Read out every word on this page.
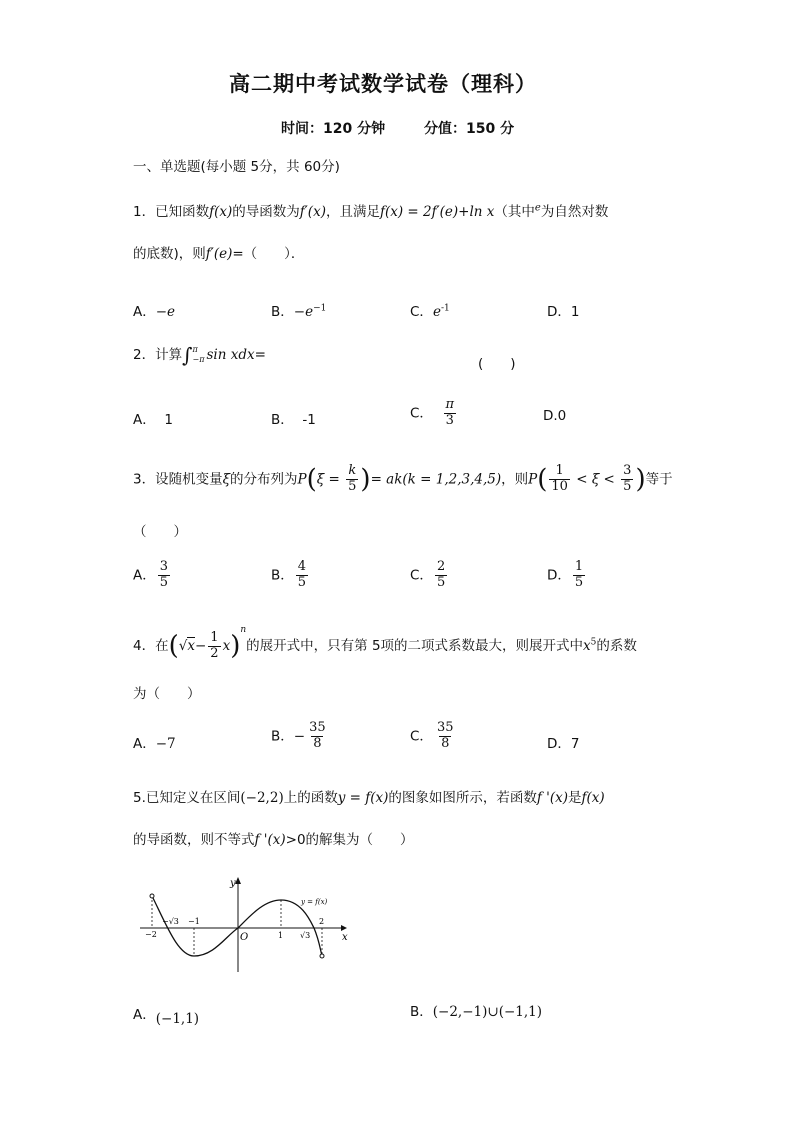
高二期中考试数学试卷（理科）
时间：120 分钟	分值：150 分
一、单选题(每小题 5分，共 60分)
1．已知函数f(x)的导函数为f′(x)，且满足f(x) = 2f′(e)+ln x（其中$^e$为自然对数
的底数)，则f′(e)=（　　）．
A．−e	B．$-e^{-1}$	C．$e^{-1}$	D．1
2．计算∫ π
−π sin xdx=
(　　)
A． 1	B． -1	C． $\frac{\pi}{3}$	D.0
3．设随机变量ξ的分布列为$P(\xi = \frac{k}{5}$ )= ak(k = 1,2,3,4,5)，则$P( \frac{1}{10} < \xi < \frac{3}{5}$ )等于
（　　）
A． $\frac{3}{5}$	B． $\frac{4}{5}$	C． $\frac{2}{5}$	D． $\frac{1}{5}$
4．在$(√x- \frac{1}{2} x)^n$的展开式中，只有第 5项的二项式系数最大，则展开式中$x^5$的系数
为（　　）
A．−7	B．− $\frac{35}{8}$	C． $\frac{35}{8}$	D．7
5.已知定义在区间(−2,2)上的函数y = f(x)的图象如图所示，若函数f '(x)是f(x)
的导函数，则不等式f '(x)>0的解集为（　　）
y
x
O
y = f(x)
−2
−√3 −1
1 √3
2
A．(−1,1)	B．(−2,−1)∪(−1,1)
